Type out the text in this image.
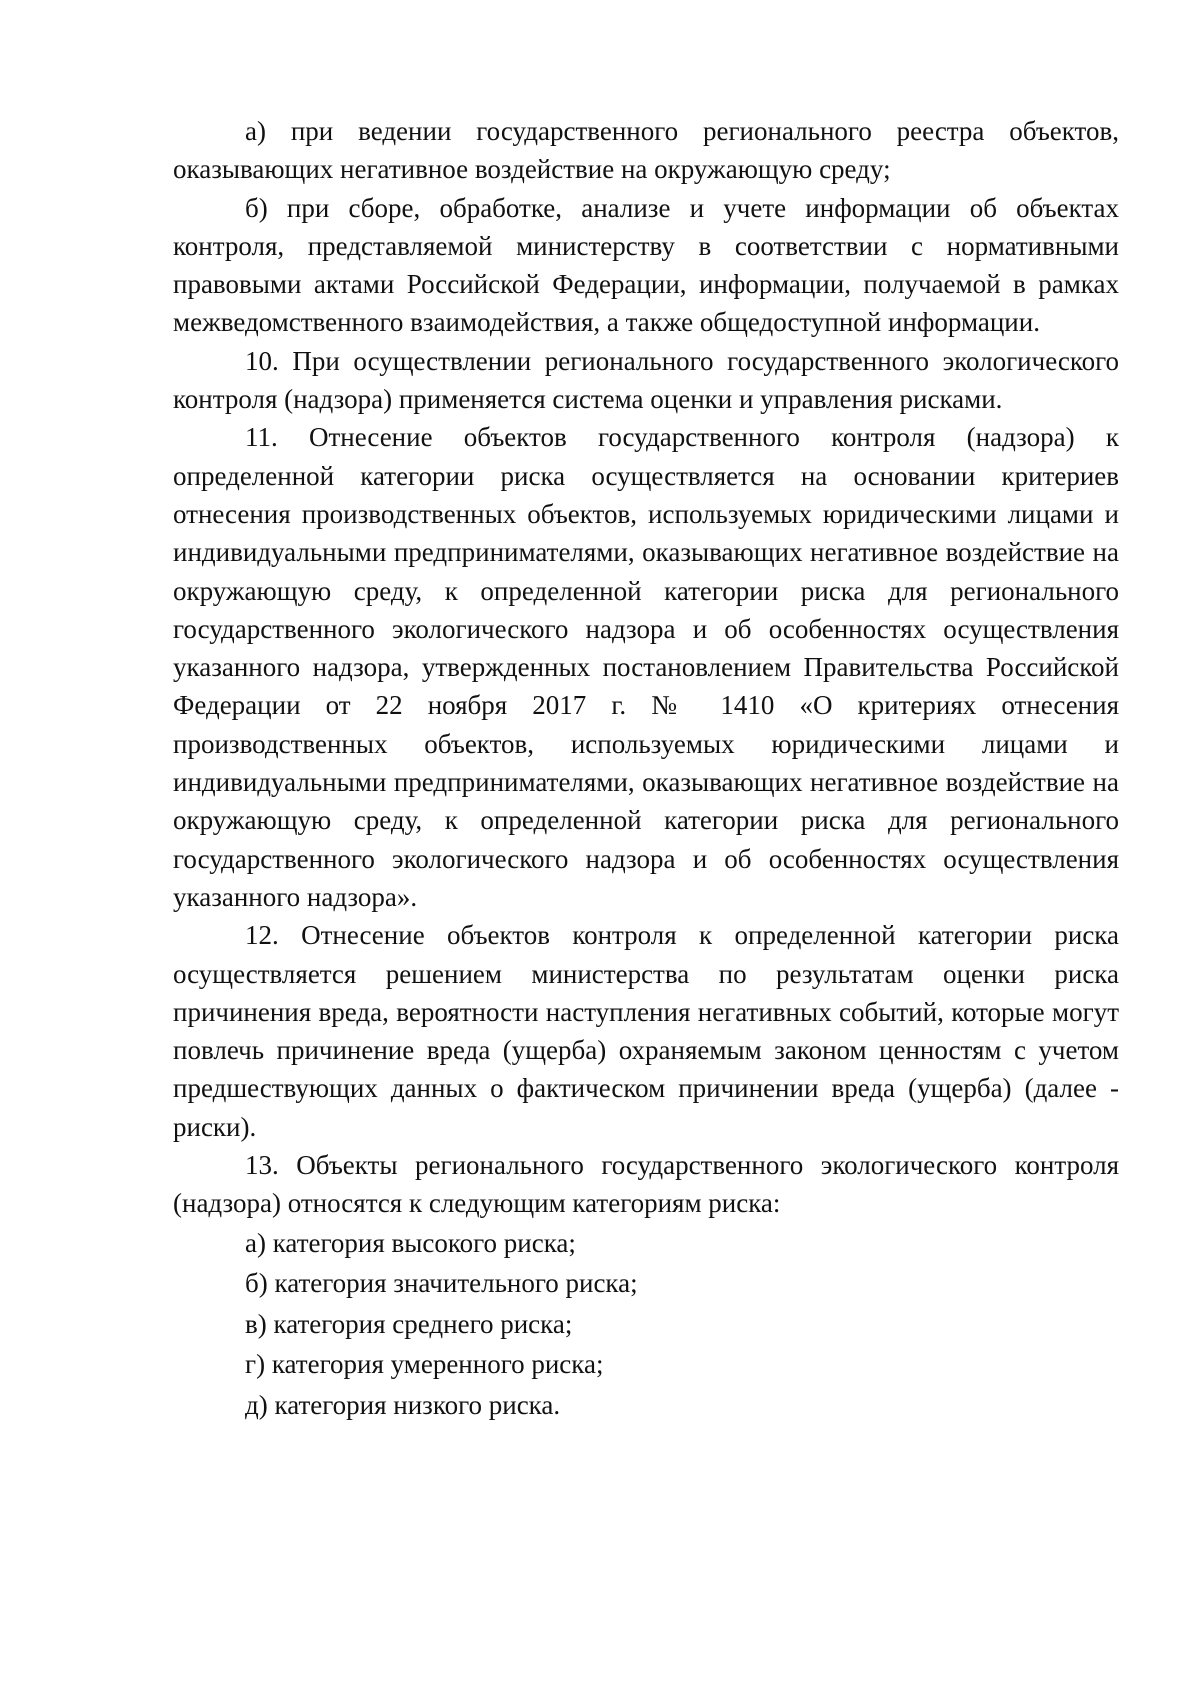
а) при ведении государственного регионального реестра объектов, оказывающих негативное воздействие на окружающую среду;

б) при сборе, обработке, анализе и учете информации об объектах контроля, представляемой министерству в соответствии с нормативными правовыми актами Российской Федерации, информации, получаемой в рамках межведомственного взаимодействия, а также общедоступной информации.

10. При осуществлении регионального государственного экологического контроля (надзора) применяется система оценки и управления рисками.

11. Отнесение объектов государственного контроля (надзора) к определенной категории риска осуществляется на основании критериев отнесения производственных объектов, используемых юридическими лицами и индивидуальными предпринимателями, оказывающих негативное воздействие на окружающую среду, к определенной категории риска для регионального государственного экологического надзора и об особенностях осуществления указанного надзора, утвержденных постановлением Правительства Российской Федерации от 22 ноября 2017 г. № 1410 «О критериях отнесения производственных объектов, используемых юридическими лицами и индивидуальными предпринимателями, оказывающих негативное воздействие на окружающую среду, к определенной категории риска для регионального государственного экологического надзора и об особенностях осуществления указанного надзора».

12. Отнесение объектов контроля к определенной категории риска осуществляется решением министерства по результатам оценки риска причинения вреда, вероятности наступления негативных событий, которые могут повлечь причинение вреда (ущерба) охраняемым законом ценностям с учетом предшествующих данных о фактическом причинении вреда (ущерба) (далее - риски).

13. Объекты регионального государственного экологического контроля (надзора) относятся к следующим категориям риска:

а) категория высокого риска;

б) категория значительного риска;

в) категория среднего риска;

г) категория умеренного риска;

д) категория низкого риска.
